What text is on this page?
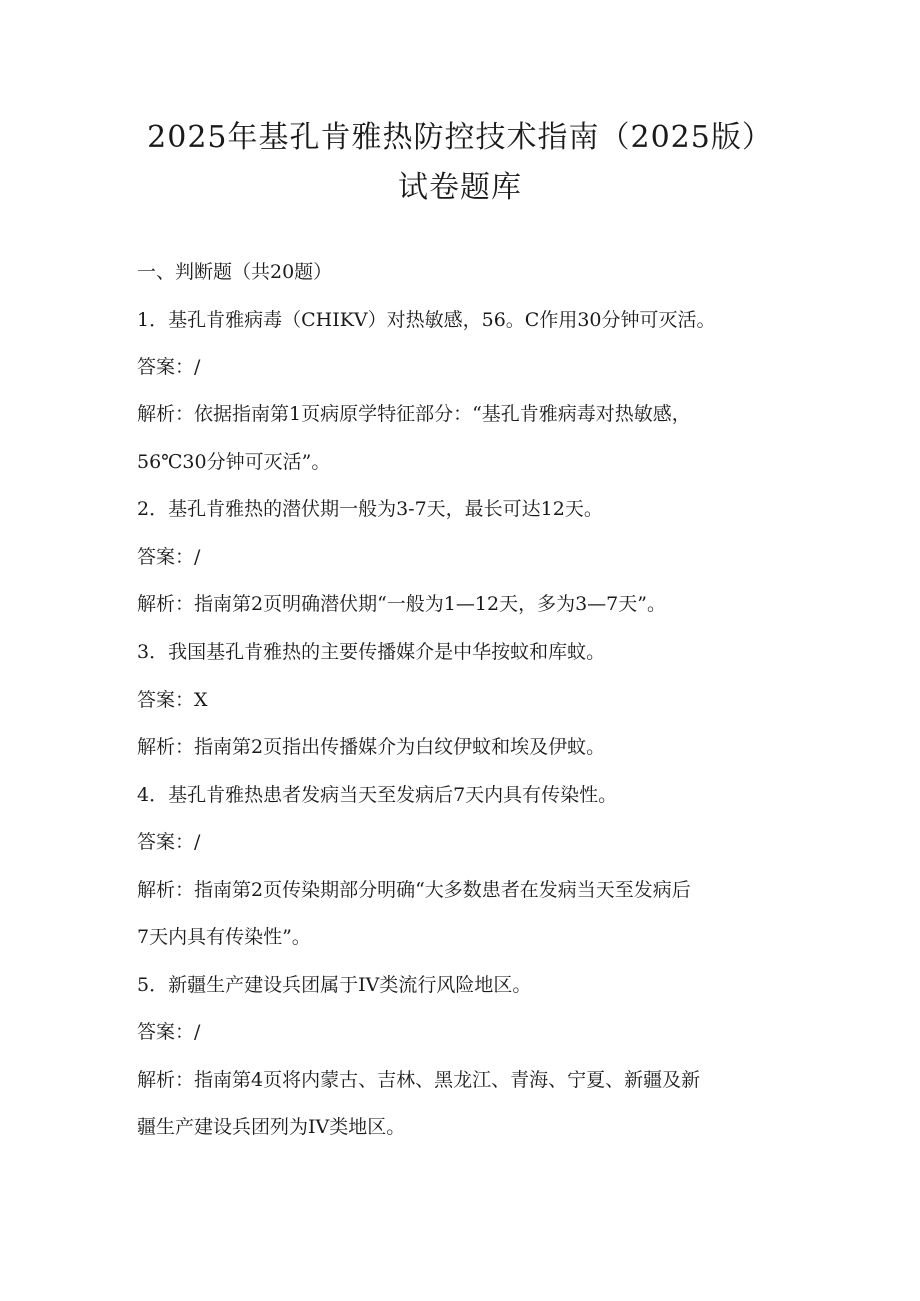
2025年基孔肯雅热防控技术指南（2025版）
试卷题库
一、判断题（共20题）
1．基孔肯雅病毒（CHIKV）对热敏感，56。C作用30分钟可灭活。
答案：/
解析：依据指南第1页病原学特征部分：“基孔肯雅病毒对热敏感，
56℃30分钟可灭活”。
2．基孔肯雅热的潜伏期一般为3-7天，最长可达12天。
答案：/
解析：指南第2页明确潜伏期“一般为1—12天，多为3—7天”。
3．我国基孔肯雅热的主要传播媒介是中华按蚊和库蚊。
答案：X
解析：指南第2页指出传播媒介为白纹伊蚊和埃及伊蚊。
4．基孔肯雅热患者发病当天至发病后7天内具有传染性。
答案：/
解析：指南第2页传染期部分明确“大多数患者在发病当天至发病后
7天内具有传染性”。
5．新疆生产建设兵团属于IV类流行风险地区。
答案：/
解析：指南第4页将内蒙古、吉林、黑龙江、青海、宁夏、新疆及新
疆生产建设兵团列为IV类地区。
